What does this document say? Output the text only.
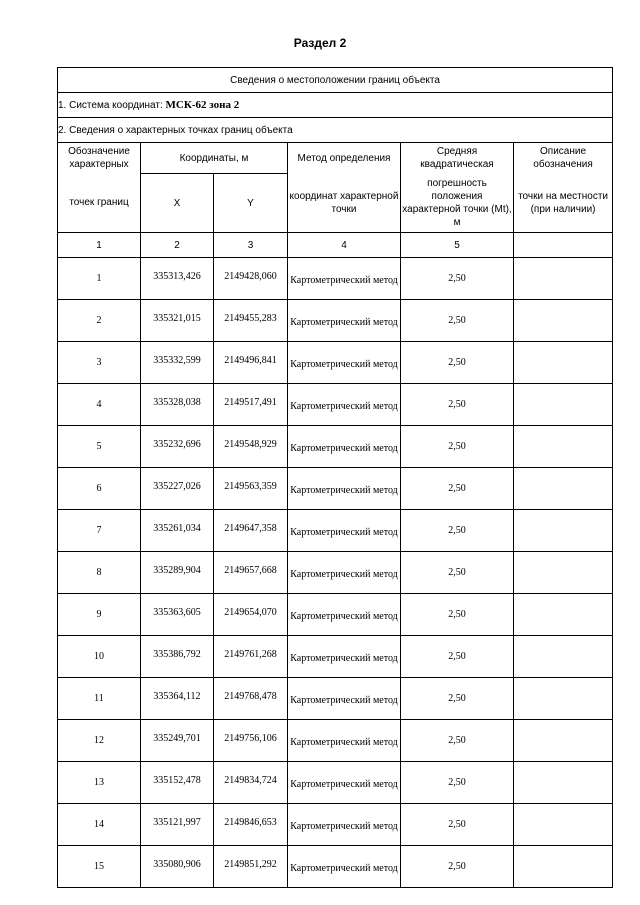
Раздел 2
Сведения о местоположении границ объекта					
1. Система координат: МСК-62 зона 2					
2. Сведения о характерных точках границ объекта					
Обозначение характерных	Координаты, м		Метод определения	Средняя квадратическая	Описание обозначения
точек границ	X	Y	координат характерной точки	погрешность положения характерной точки (Mt), м	точки на местности (при наличии)
1	2	3	4	5	
1	335313,426	2149428,060	Картометрический метод	2,50	
2	335321,015	2149455,283	Картометрический метод	2,50	
3	335332,599	2149496,841	Картометрический метод	2,50	
4	335328,038	2149517,491	Картометрический метод	2,50	
5	335232,696	2149548,929	Картометрический метод	2,50	
6	335227,026	2149563,359	Картометрический метод	2,50	
7	335261,034	2149647,358	Картометрический метод	2,50	
8	335289,904	2149657,668	Картометрический метод	2,50	
9	335363,605	2149654,070	Картометрический метод	2,50	
10	335386,792	2149761,268	Картометрический метод	2,50	
11	335364,112	2149768,478	Картометрический метод	2,50	
12	335249,701	2149756,106	Картометрический метод	2,50	
13	335152,478	2149834,724	Картометрический метод	2,50	
14	335121,997	2149846,653	Картометрический метод	2,50	
15	335080,906	2149851,292	Картометрический метод	2,50	
